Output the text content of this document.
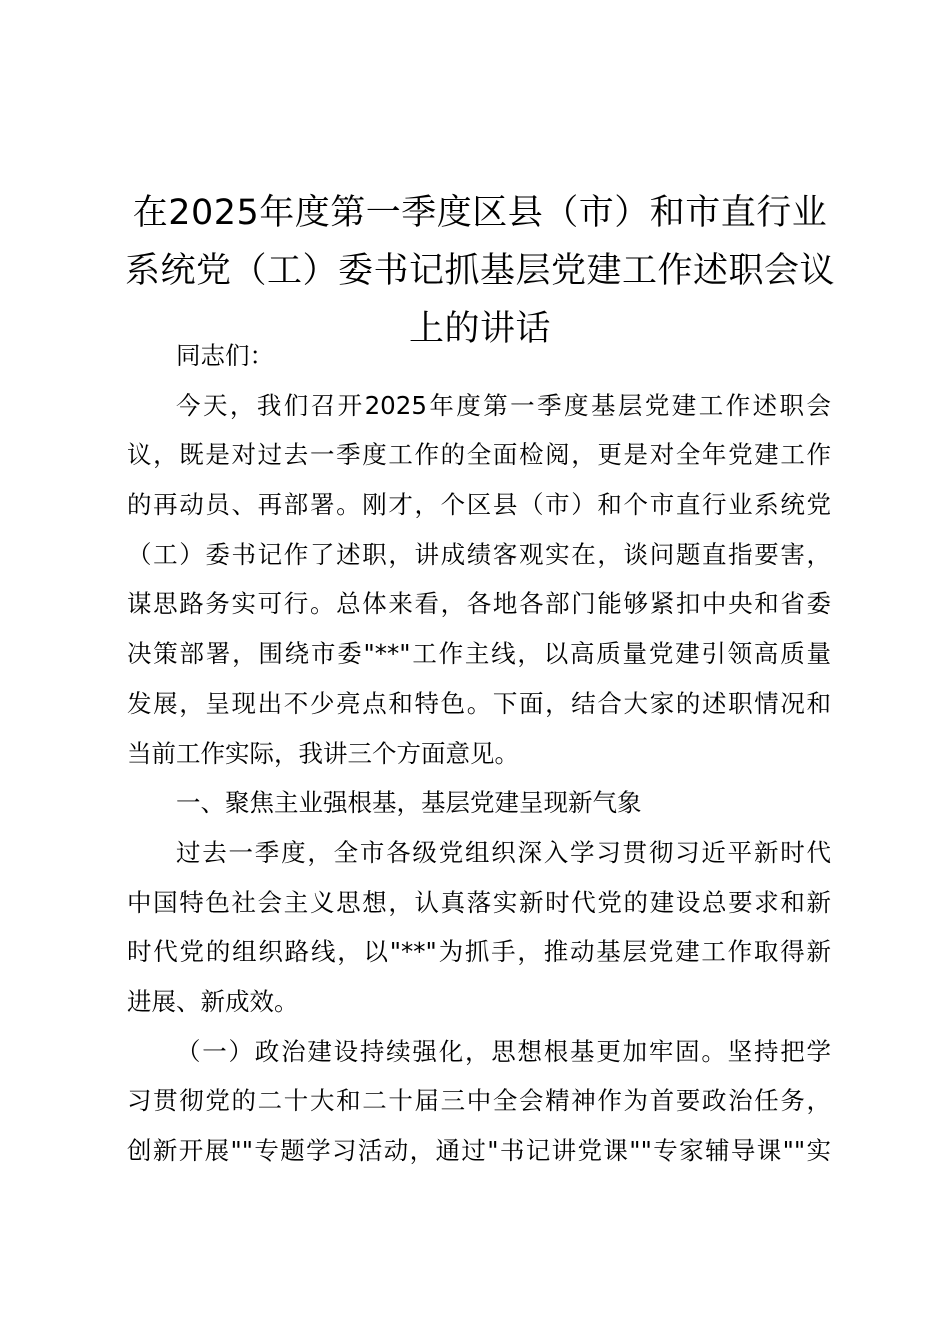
在2025年度第一季度区县（市）和市直行业
系统党（工）委书记抓基层党建工作述职会议
上的讲话
同志们：
今天，我们召开2025年度第一季度基层党建工作述职会
议，既是对过去一季度工作的全面检阅，更是对全年党建工作
的再动员、再部署。刚才，个区县（市）和个市直行业系统党
（工）委书记作了述职，讲成绩客观实在，谈问题直指要害，
谋思路务实可行。总体来看，各地各部门能够紧扣中央和省委
决策部署，围绕市委"**"工作主线，以高质量党建引领高质量
发展，呈现出不少亮点和特色。下面，结合大家的述职情况和
当前工作实际，我讲三个方面意见。
一、聚焦主业强根基，基层党建呈现新气象
过去一季度，全市各级党组织深入学习贯彻习近平新时代
中国特色社会主义思想，认真落实新时代党的建设总要求和新
时代党的组织路线，以"**"为抓手，推动基层党建工作取得新
进展、新成效。
（一）政治建设持续强化，思想根基更加牢固。坚持把学
习贯彻党的二十大和二十届三中全会精神作为首要政治任务，
创新开展""专题学习活动，通过"书记讲党课""专家辅导课""实
